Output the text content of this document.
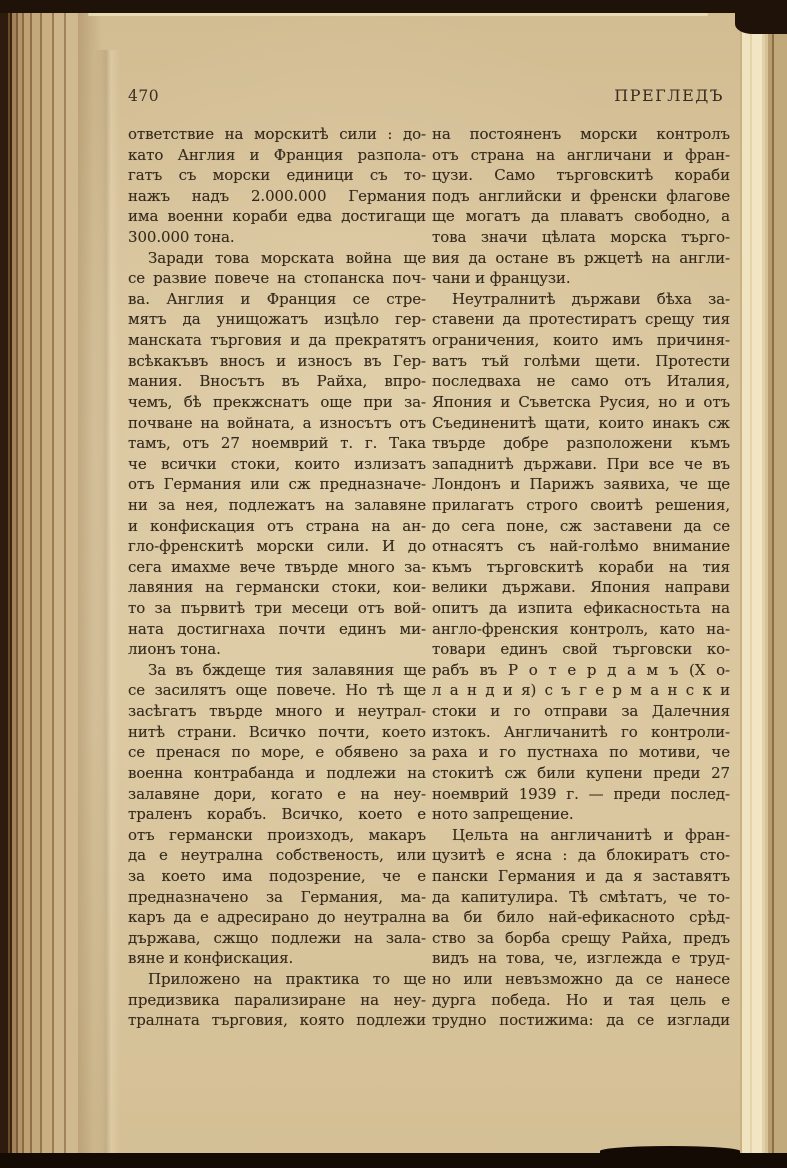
470	ПРЕГЛЕДЪ

ответствие на морскитѣ сили : до-
като Англия и Франция разпола-
гатъ съ морски единици съ то-
нажъ надъ 2.000.000 Германия
има военни кораби едва достигащи
300.000 тона.

Заради това морската война ще
се развие повече на стопанска поч-
ва. Англия и Франция се стре-
мятъ да унищожатъ изцѣло гер-
манската търговия и да прекратятъ
всѣкакъвъ вносъ и износъ въ Гер-
мания. Вносътъ въ Райха, впро-
чемъ, бѣ прекжснатъ още при за-
почване на войната, а износътъ отъ
тамъ, отъ 27 ноемврий т. г. Така
че всички стоки, които излизатъ
отъ Германия или сж предназначе-
ни за нея, подлежатъ на залавяне
и конфискация отъ страна на ан-
гло-френскитѣ морски сили. И до
сега имахме вече твърде много за-
лавяния на германски стоки, кои-
то за първитѣ три месеци отъ вой-
ната достигнаха почти единъ ми-
лионъ тона.

За въ бждеще тия залавяния ще
се засилятъ още повече. Но тѣ ще
засѣгатъ твърде много и неутрал-
нитѣ страни. Всичко почти, което
се пренася по море, е обявено за
военна контрабанда и подлежи на
залавяне дори, когато е на неу-
траленъ корабъ. Всичко, което е
отъ германски произходъ, макаръ
да е неутрална собственость, или
за което има подозрение, че е
предназначено за Германия, ма-
каръ да е адресирано до неутрална
държава, сжщо подлежи на зала-
вяне и конфискация.

Приложено на практика то ще
предизвика парализиране на неу-
тралната търговия, която подлежи

на постояненъ морски контролъ
отъ страна на англичани и фран-
цузи. Само търговскитѣ кораби
подъ английски и френски флагове
ще могатъ да плаватъ свободно, а
това значи цѣлата морска търго-
вия да остане въ ржцетѣ на англи-
чани и французи.

Неутралнитѣ държави бѣха за-
ставени да протестиратъ срещу тия
ограничения, които имъ причиня-
ватъ тъй голѣми щети. Протести
последваха не само отъ Италия,
Япония и Съветска Русия, но и отъ
Съединенитѣ щати, които инакъ сж
твърде добре разположени къмъ
западнитѣ държави. При все че въ
Лондонъ и Парижъ заявиха, че ще
прилагатъ строго своитѣ решения,
до сега поне, сж заставени да се
отнасятъ съ най-голѣмо внимание
къмъ търговскитѣ кораби на тия
велики държави. Япония направи
опитъ да изпита ефикасностьта на
англо-френския контролъ, като на-
товари единъ свой търговски ко-
рабъ въ Р о т е р д а м ъ (Х о-
л а н д и я) с ъ г е р м а н с к и
стоки и го отправи за Далечния
изтокъ. Англичанитѣ го контроли-
раха и го пустнаха по мотиви, че
стокитѣ сж били купени преди 27
ноемврий 1939 г. — преди послед-
ното запрещение.

Цельта на англичанитѣ и фран-
цузитѣ е ясна : да блокиратъ сто-
пански Германия и да я заставятъ
да капитулира. Тѣ смѣтатъ, че то-
ва би било най-ефикасното срѣд-
ство за борба срещу Райха, предъ
видъ на това, че, изглежда е труд-
но или невъзможно да се нанесе
дурга победа. Но и тая цель е
трудно постижима: да се изглади
